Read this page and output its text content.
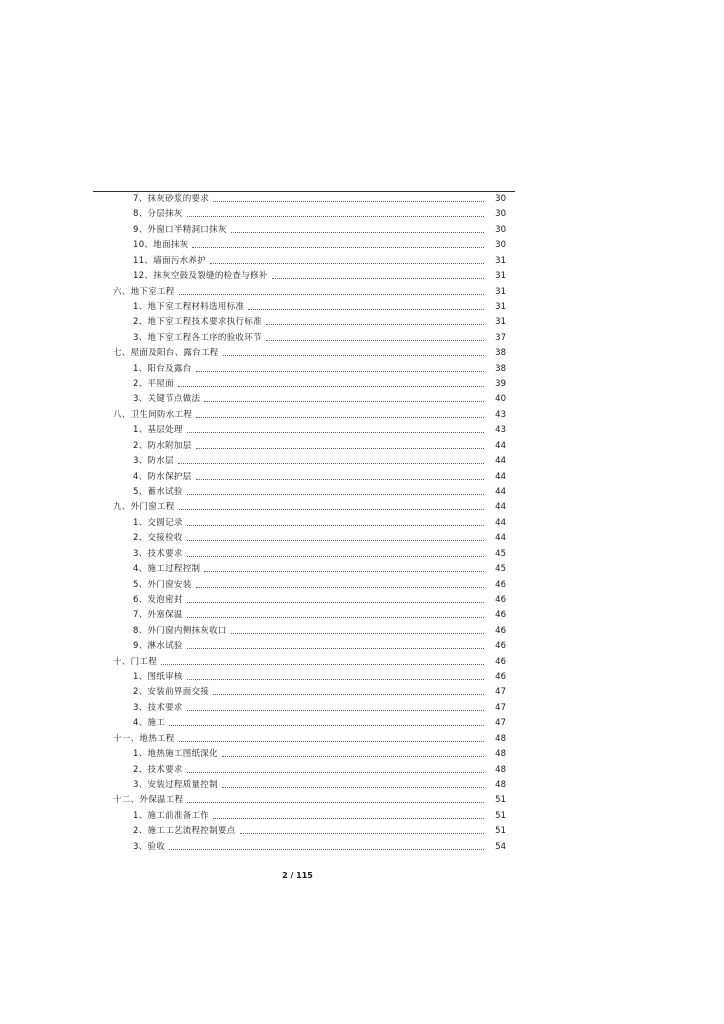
7、抹灰砂浆的要求	30
8、分层抹灰	30
9、外窗口半精洞口抹灰	30
10、地面抹灰	30
11、墙面污水养护	31
12、抹灰空鼓及裂缝的检查与修补	31
六、地下室工程	31
1、地下室工程材料选用标准	31
2、地下室工程技术要求执行标准	31
3、地下室工程各工序的验收环节	37
七、屋面及阳台、露台工程	38
1、阳台及露台	38
2、平屋面	39
3、关键节点做法	40
八、卫生间防水工程	43
1、基层处理	43
2、防水附加层	44
3、防水层	44
4、防水保护层	44
5、蓄水试验	44
九、外门窗工程	44
1、交圆记录	44
2、交接检收	44
3、技术要求	45
4、施工过程控制	45
5、外门窗安装	46
6、发泡密封	46
7、外塞保温	46
8、外门窗内侧抹灰收口	46
9、淋水试验	46
十、门工程	46
1、图纸审核	46
2、安装前界面交接	47
3、技术要求	47
4、施工	47
十一、地热工程	48
1、地热施工图纸深化	48
2、技术要求	48
3、安装过程质量控制	48
十二、外保温工程	51
1、施工前准备工作	51
2、施工工艺流程控制要点	51
3、验收	54
2 / 115
